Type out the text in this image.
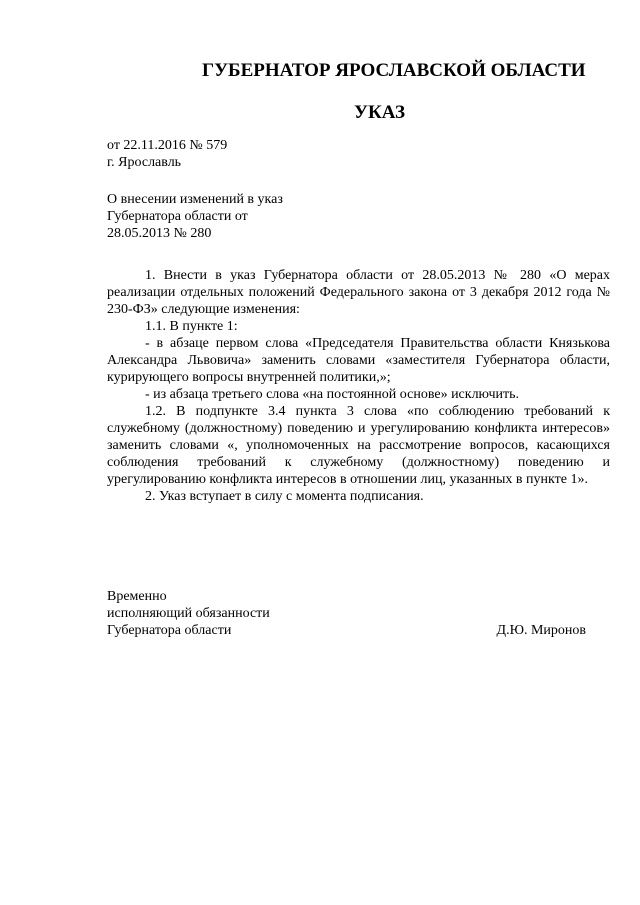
ГУБЕРНАТОР ЯРОСЛАВСКОЙ ОБЛАСТИ
УКАЗ
от 22.11.2016 № 579
г. Ярославль
О внесении изменений в указ
Губернатора области от
28.05.2013 № 280

1. Внести в указ Губернатора области от 28.05.2013 № 280 «О мерах реализации отдельных положений Федерального закона от 3 декабря 2012 года № 230-ФЗ» следующие изменения:

1.1. В пункте 1:

- в абзаце первом слова «Председателя Правительства области Князькова Александра Львовича» заменить словами «заместителя Губернатора области, курирующего вопросы внутренней политики,»;

- из абзаца третьего слова «на постоянной основе» исключить.

1.2. В подпункте 3.4 пункта 3 слова «по соблюдению требований к служебному (должностному) поведению и урегулированию конфликта интересов» заменить словами «, уполномоченных на рассмотрение вопросов, касающихся соблюдения требований к служебному (должностному) поведению и урегулированию конфликта интересов в отношении лиц, указанных в пункте 1».

2. Указ вступает в силу с момента подписания.

Временно
исполняющий обязанности
Губернатора области	Д.Ю. Миронов
